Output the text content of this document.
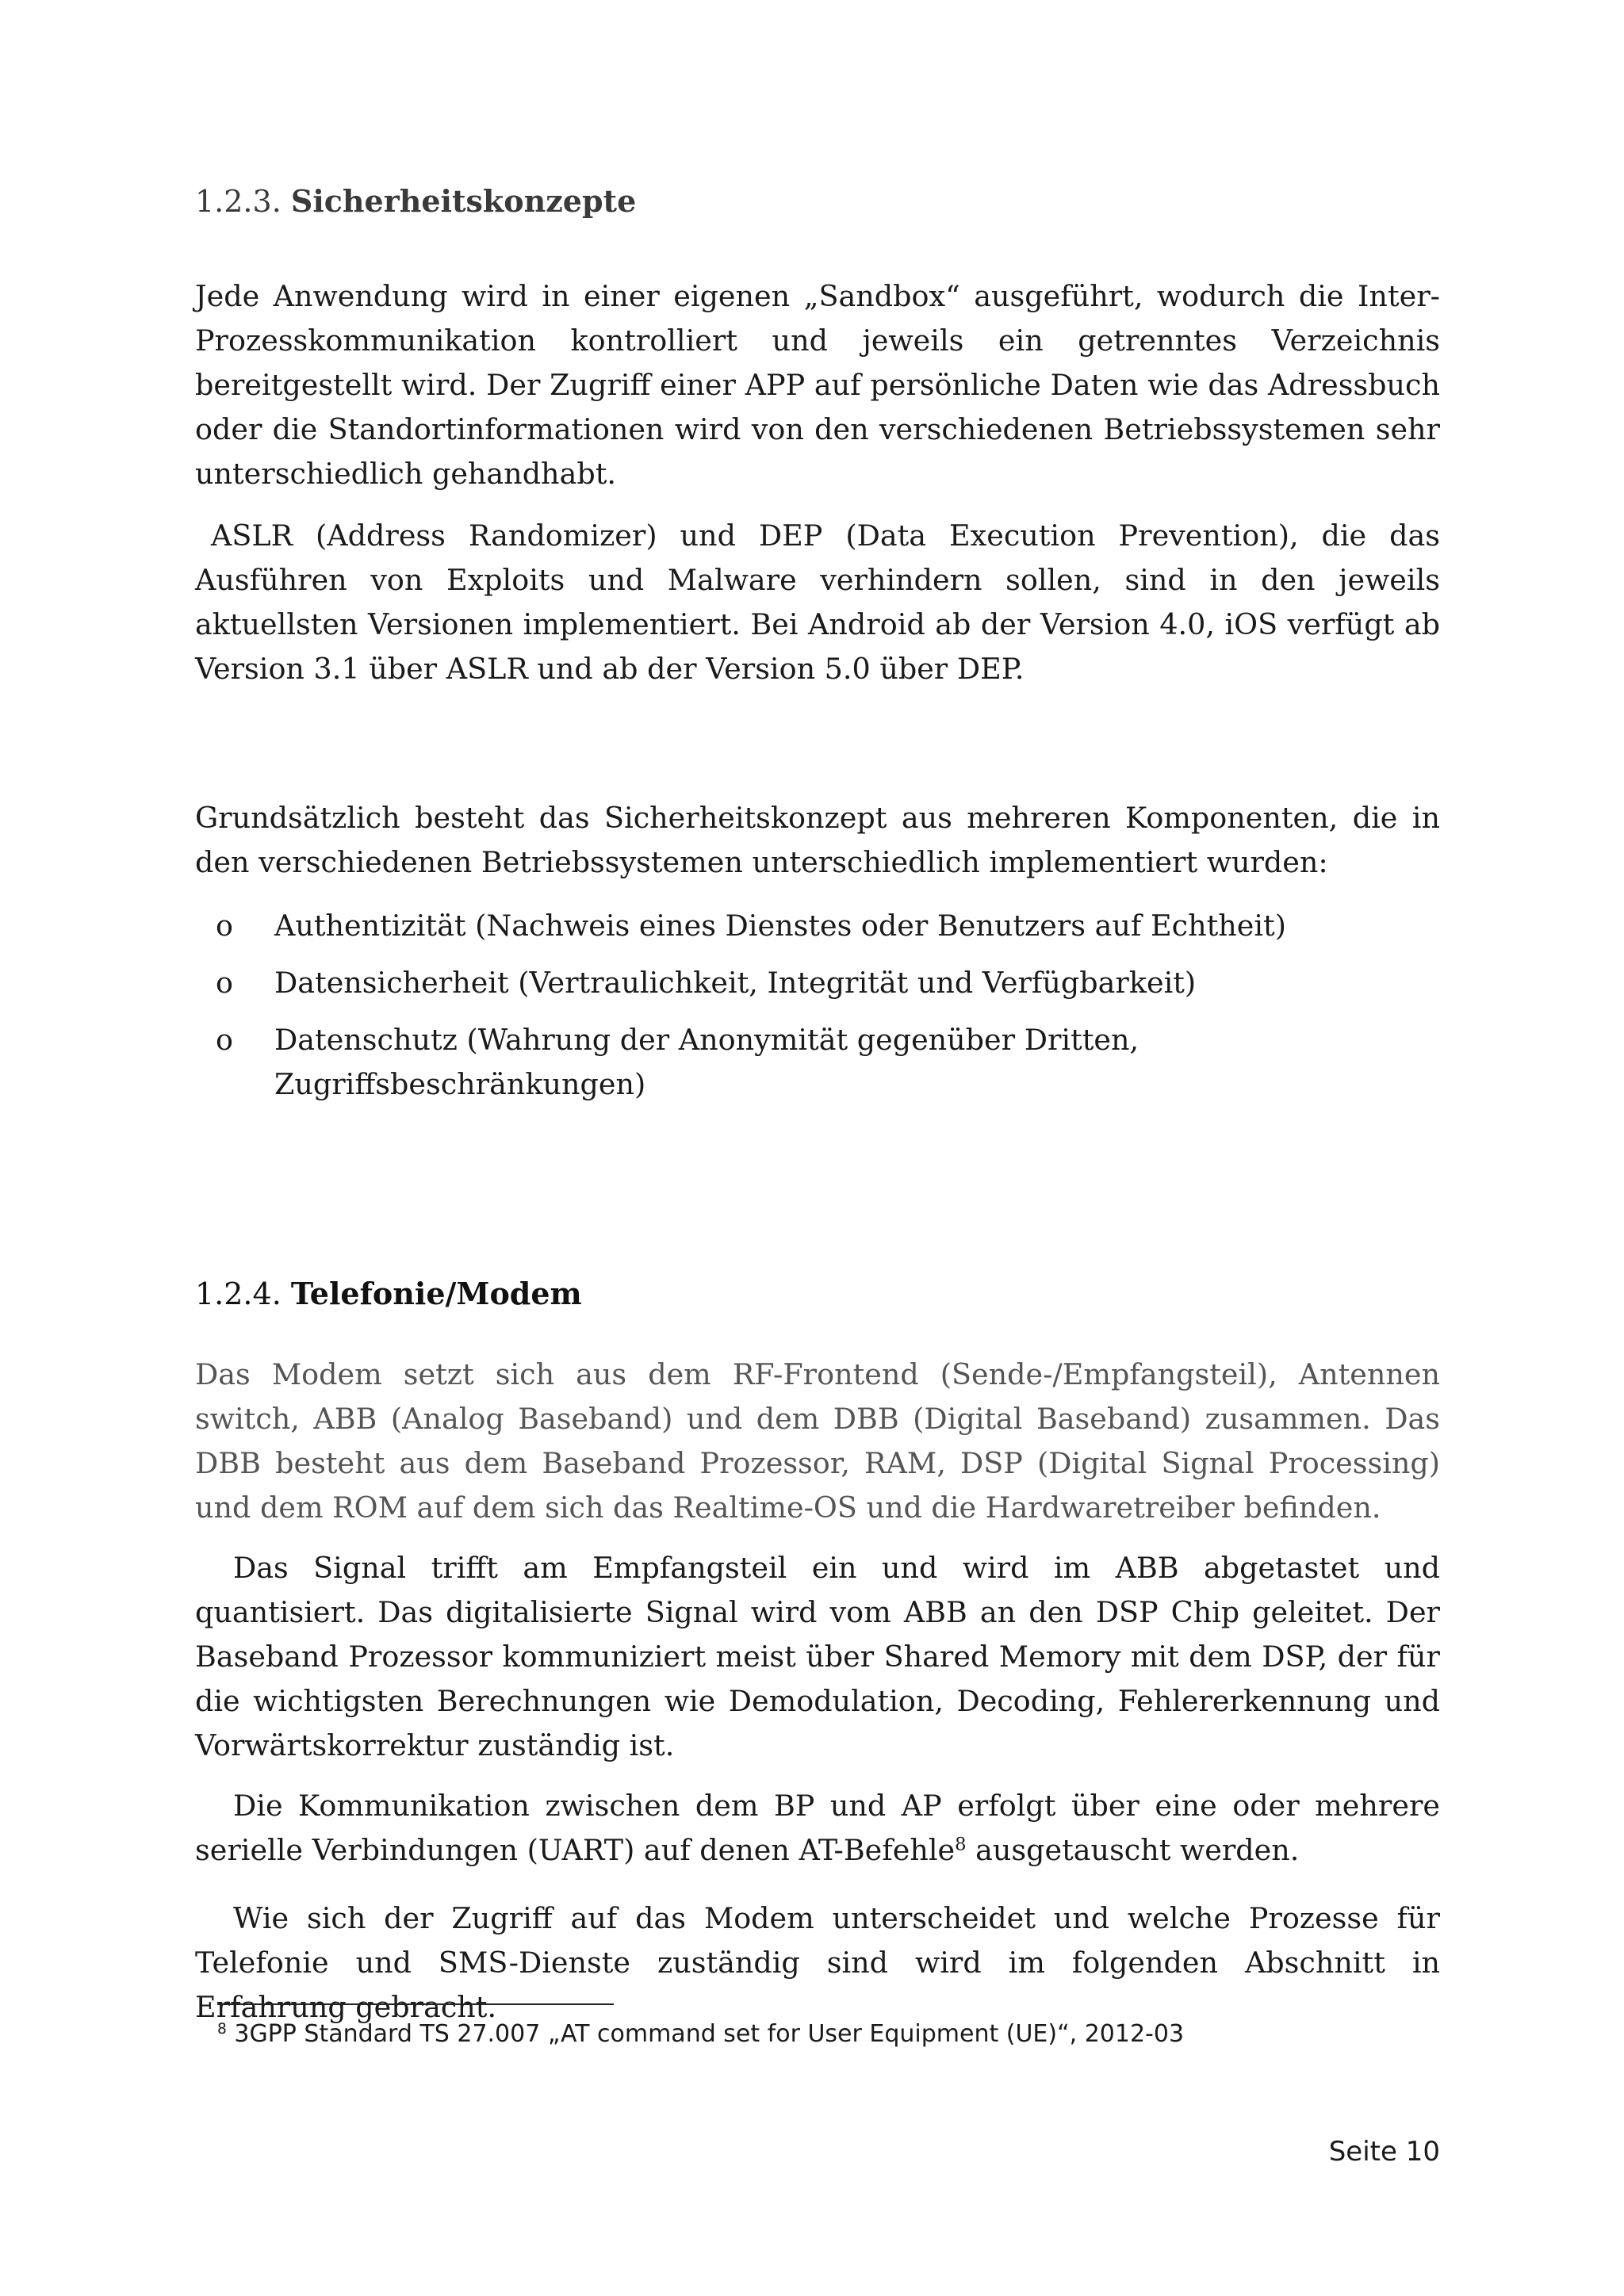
1.2.3. Sicherheitskonzepte

Jede Anwendung wird in einer eigenen „Sandbox“ ausgeführt, wodurch die Inter-Prozesskommunikation kontrolliert und jeweils ein getrenntes Verzeichnis bereitgestellt wird. Der Zugriff einer APP auf persönliche Daten wie das Adressbuch oder die Standortinformationen wird von den verschiedenen Betriebssystemen sehr unterschiedlich gehandhabt.

ASLR (Address Randomizer) und DEP (Data Execution Prevention), die das Ausführen von Exploits und Malware verhindern sollen, sind in den jeweils aktuellsten Versionen implementiert. Bei Android ab der Version 4.0, iOS verfügt ab Version 3.1 über ASLR und ab der Version 5.0 über DEP.

Grundsätzlich besteht das Sicherheitskonzept aus mehreren Komponenten, die in den verschiedenen Betriebssystemen unterschiedlich implementiert wurden:

o Authentizität (Nachweis eines Dienstes oder Benutzers auf Echtheit)
o Datensicherheit (Vertraulichkeit, Integrität und Verfügbarkeit)
o Datenschutz (Wahrung der Anonymität gegenüber Dritten, Zugriffsbeschränkungen)
1.2.4. Telefonie/Modem

Das Modem setzt sich aus dem RF-Frontend (Sende-/Empfangsteil), Antennen switch, ABB (Analog Baseband) und dem DBB (Digital Baseband) zusammen. Das DBB besteht aus dem Baseband Prozessor, RAM, DSP (Digital Signal Processing) und dem ROM auf dem sich das Realtime-OS und die Hardwaretreiber befinden.

Das Signal trifft am Empfangsteil ein und wird im ABB abgetastet und quantisiert. Das digitalisierte Signal wird vom ABB an den DSP Chip geleitet. Der Baseband Prozessor kommuniziert meist über Shared Memory mit dem DSP, der für die wichtigsten Berechnungen wie Demodulation, Decoding, Fehlererkennung und Vorwärtskorrektur zuständig ist.

Die Kommunikation zwischen dem BP und AP erfolgt über eine oder mehrere serielle Verbindungen (UART) auf denen AT-Befehle$^8$ ausgetauscht werden.

Wie sich der Zugriff auf das Modem unterscheidet und welche Prozesse für Telefonie und SMS-Dienste zuständig sind wird im folgenden Abschnitt in Erfahrung gebracht.

$^8$ 3GPP Standard TS 27.007 „AT command set for User Equipment (UE)“, 2012-03
Seite 10
